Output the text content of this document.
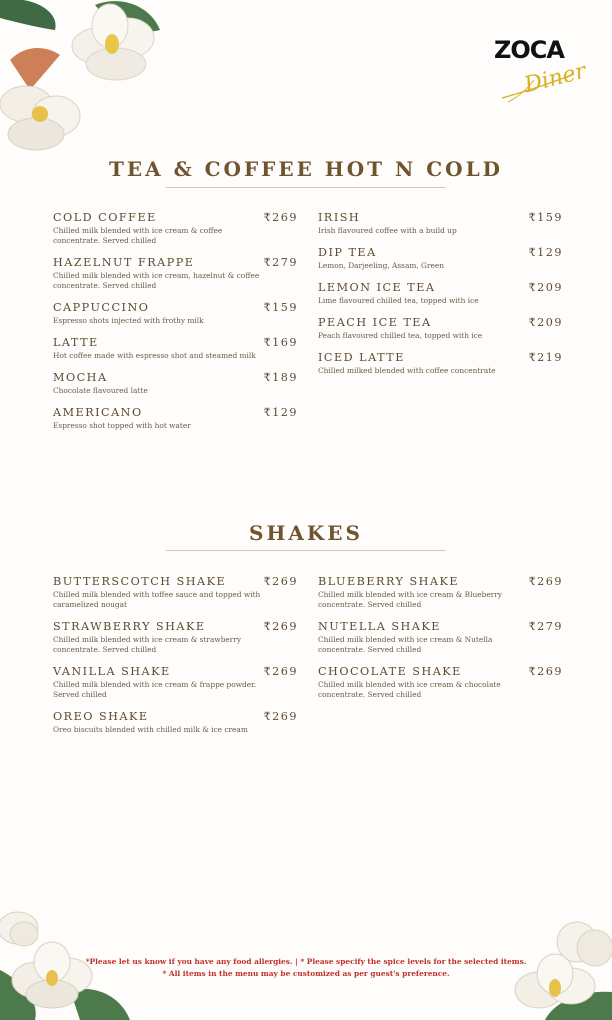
ZOCA
Diner
TEA & COFFEE HOT N COLD
COLD COFFEE	₹269
Chilled milk blended with ice cream & coffee concentrate. Served chilled
HAZELNUT FRAPPE	₹279
Chilled milk blended with ice cream, hazelnut & coffee concentrate. Served chilled
CAPPUCCINO	₹159
Espresso shots injected with frothy milk
LATTE	₹169
Hot coffee made with espresso shot and steamed milk
MOCHA	₹189
Chocolate flavoured latte
AMERICANO	₹129
Espresso shot topped with hot water
IRISH	₹159
Irish flavoured coffee with a build up
DIP TEA	₹129
Lemon, Darjeeling, Assam, Green
LEMON ICE TEA	₹209
Lime flavoured chilled tea, topped with ice
PEACH ICE TEA	₹209
Peach flavoured chilled tea, topped with ice
ICED LATTE	₹219
Chilled milked blended with coffee concentrate
SHAKES
BUTTERSCOTCH SHAKE	₹269
Chilled milk blended with toffee sauce and topped with caramelized nougat
STRAWBERRY SHAKE	₹269
Chilled milk blended with ice cream & strawberry concentrate. Served chilled
VANILLA SHAKE	₹269
Chilled milk blended with ice cream & frappe powder. Served chilled
OREO SHAKE	₹269
Oreo biscuits blended with chilled milk & ice cream
BLUEBERRY SHAKE	₹269
Chilled milk blended with ice cream & Blueberry concentrate. Served chilled
NUTELLA SHAKE	₹279
Chilled milk blended with ice cream & Nutella concentrate. Served chilled
CHOCOLATE SHAKE	₹269
Chilled milk blended with ice cream & chocolate concentrate. Served chilled
*Please let us know if you have any food allergies. | * Please specify the spice levels for the selected items.
* All items in the menu may be customized as per guest's preference.
